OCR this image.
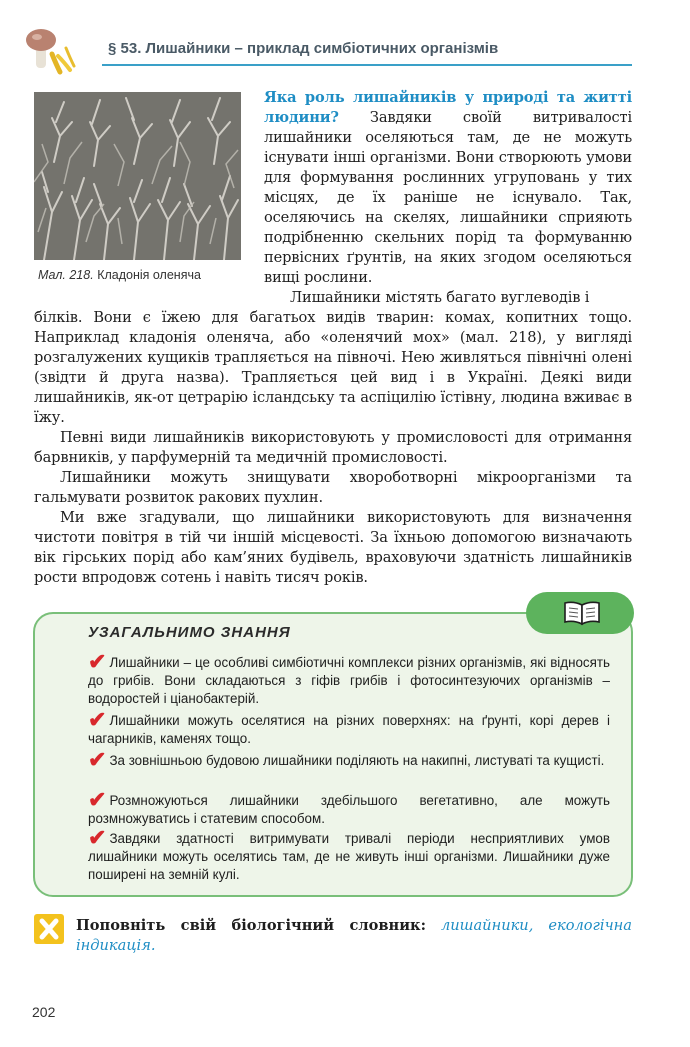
§ 53. Лишайники – приклад симбіотичних організмів
Мал. 218. Кладонія оленяча

Яка роль лишайників у природі та житті людини? Завдяки своїй витривалості лишайники оселяються там, де не можуть існувати інші організми. Вони створюють умови для формування рослинних угруповань у тих місцях, де їх раніше не існувало. Так, оселяючись на скелях, лишайники сприяють подрібненню скельних порід та формуванню первісних ґрунтів, на яких згодом оселяються вищі рослини.

Лишайники містять багато вуглеводів і

білків. Вони є їжею для багатьох видів тварин: комах, копитних тощо. Наприклад кладонія оленяча, або «оленячий мох» (мал. 218), у вигляді розгалужених кущиків трапляється на півночі. Нею живляться північні олені (звідти й друга назва). Трапляється цей вид і в Україні. Деякі види лишайників, як-от цетрарію ісландську та аспіцилію їстівну, людина вживає в їжу.

Певні види лишайників використовують у промисловості для отримання барвників, у парфумерній та медичній промисловості.

Лишайники можуть знищувати хвороботворні мікроорганізми та гальмувати розвиток ракових пухлин.

Ми вже згадували, що лишайники використовують для визначення чистоти повітря в тій чи іншій місцевості. За їхньою допомогою визначають вік гірських порід або кам’яних будівель, враховуючи здатність лишайників рости впродовж сотень і навіть тисяч років.

УЗАГАЛЬНИМО ЗНАННЯ

✔ Лишайники – це особливі симбіотичні комплекси різних організмів, які відносять до грибів. Вони складаються з гіфів грибів і фотосинтезуючих організмів – водоростей і ціанобактерій.

✔ Лишайники можуть оселятися на різних поверхнях: на ґрунті, корі дерев і чагарників, каменях тощо.

✔ За зовнішньою будовою лишайники поділяють на накипні, листуваті та кущисті.

✔ Розмножуються лишайники здебільшого вегетативно, але можуть розмножуватись і статевим способом.

✔ Завдяки здатності витримувати тривалі періоди несприятливих умов лишайники можуть оселятись там, де не живуть інші організми. Лишайники дуже поширені на земній кулі.

Поповніть свій біологічний словник: лишайники, екологічна індикація.

202
